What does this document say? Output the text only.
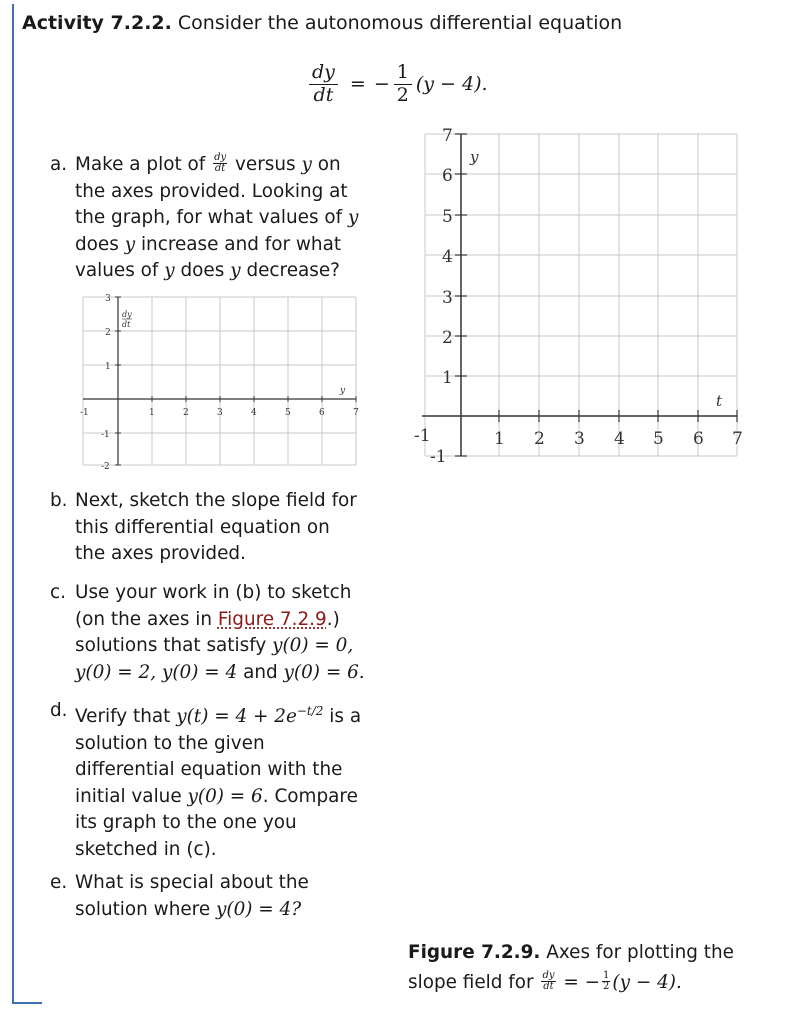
Activity 7.2.2. Consider the autonomous differential equation
$\frac{dy}{dt}$ = − $\frac{1}{2} (y - 4)$.
a. Make a plot of $\frac{dy}{dt}$ versus y on
the axes provided. Looking at
the graph, for what values of y
does y increase and for what
values of y does y decrease?
-1	1	2	3	4	5	6	7
3
2
1
-1
-2
y
dy
dt
-1	1 2 3 4 5 6 7
7
6
5
4
3
2
1
-1
t
y
b. Next, sketch the slope field for
this differential equation on
the axes provided.
c. Use your work in (b) to sketch
(on the axes in Figure 7.2.9.)
solutions that satisfy y(0) = 0,
y(0) = 2, y(0) = 4 and y(0) = 6.
d. Verify that $y(t) = 4 + 2e^{-t/2}$ is a
solution to the given
differential equation with the
initial value y(0) = 6. Compare
its graph to the one you
sketched in (c).
e. What is special about the
solution where y(0) = 4?
Figure 7.2.9. Axes for plotting the
slope field for $\frac{dy}{dt}$ = − $\frac{1}{2} (y - 4)$.
